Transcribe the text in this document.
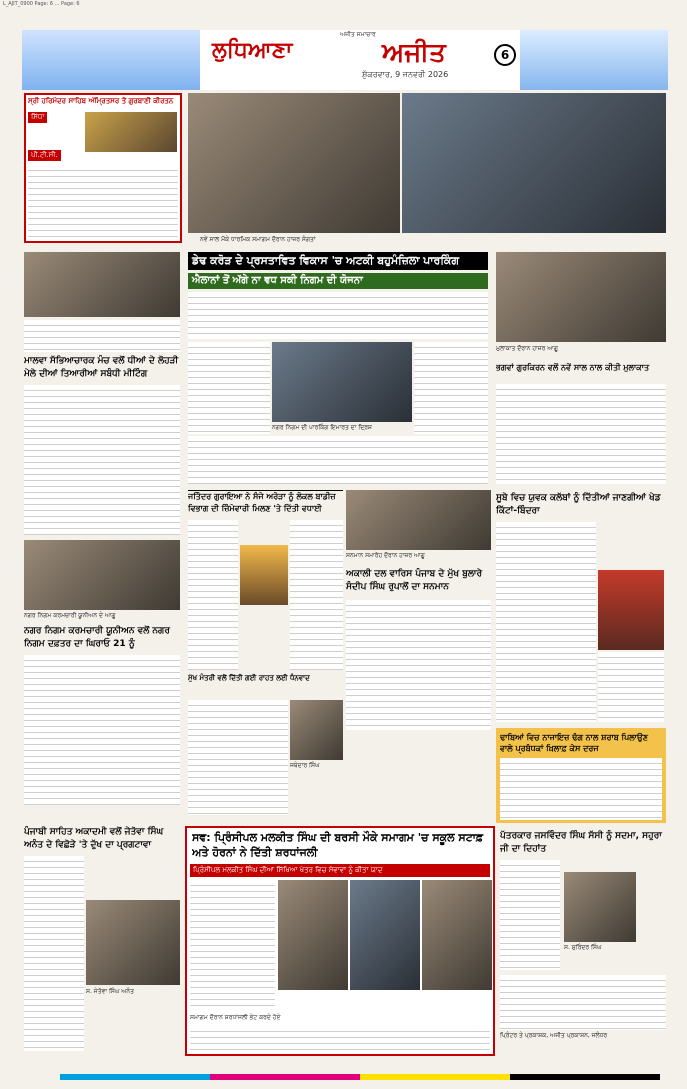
L_AJIT_0900 Page: 6 ... Page: 6
ਅਜੀਤ ਸਮਾਚਾਰ
ਲੁਧਿਆਣਾ	ਅਜੀਤ
ਸ਼ੁੱਕਰਵਾਰ, 9 ਜਨਵਰੀ 2026
6
ਸ੍ਰੀ ਹਰਿਮੰਦਰ ਸਾਹਿਬ ਅੰਮ੍ਰਿਤਸਰ ਤੋਂ ਗੁਰਬਾਣੀ ਕੀਰਤਨ
ਸਿੱਧਾ
ਪੀ.ਟੀ.ਸੀ.
ਨਵੇਂ ਸਾਲ ਮੌਕੇ ਧਾਰਮਿਕ ਸਮਾਗਮ ਦੌਰਾਨ ਹਾਜ਼ਰ ਸੰਗਤਾਂ
ਮਾਲਵਾ ਸੱਭਿਆਚਾਰਕ ਮੰਚ ਵਲੋਂ ਧੀਆਂ ਦੇ ਲੋਹੜੀ ਮੇਲੇ ਦੀਆਂ ਤਿਆਰੀਆਂ ਸਬੰਧੀ ਮੀਟਿੰਗ
ਡੇਢ ਕਰੋੜ ਦੇ ਪ੍ਰਸਤਾਵਿਤ ਵਿਕਾਸ 'ਚ ਅਟਕੀ ਬਹੁਮੰਜ਼ਿਲਾ ਪਾਰਕਿੰਗ
ਐਲਾਨਾਂ ਤੋਂ ਅੱਗੇ ਨਾ ਵਧ ਸਕੀ ਨਿਗਮ ਦੀ ਯੋਜਨਾ
ਨਗਰ ਨਿਗਮ ਦੀ ਪਾਰਕਿੰਗ ਇਮਾਰਤ ਦਾ ਦ੍ਰਿਸ਼
ਮੁਲਾਕਾਤ ਦੌਰਾਨ ਹਾਜ਼ਰ ਆਗੂ
ਭਗਵਾਂ ਗੁਰਕਿਰਨ ਵਲੋਂ ਨਵੇਂ ਸਾਲ ਨਾਲ ਕੀਤੀ ਮੁਲਾਕਾਤ
ਜਤਿੰਦਰ ਗੁਰਾਇਆ ਨੇ ਸੰਜੇ ਅਰੋੜਾ ਨੂੰ ਲੋਕਲ ਬਾਡੀਜ਼ ਵਿਭਾਗ ਦੀ ਜ਼ਿੰਮੇਵਾਰੀ ਮਿਲਣ 'ਤੇ ਦਿੱਤੀ ਵਧਾਈ
ਸਨਮਾਨ ਸਮਾਰੋਹ ਦੌਰਾਨ ਹਾਜ਼ਰ ਆਗੂ
ਅਕਾਲੀ ਦਲ ਵਾਰਿਸ ਪੰਜਾਬ ਦੇ ਮੁੱਖ ਬੁਲਾਰੇ ਸੰਦੀਪ ਸਿੰਘ ਰੁਪਾਲੋਂ ਦਾ ਸਨਮਾਨ
ਸੂਬੇ ਵਿਚ ਯੁਵਕ ਕਲੱਬਾਂ ਨੂੰ ਦਿੱਤੀਆਂ ਜਾਣਗੀਆਂ ਖੇਡ ਕਿੱਟਾਂ-ਬਿੰਦਰਾ
ਨਗਰ ਨਿਗਮ ਕਰਮਚਾਰੀ ਯੂਨੀਅਨ ਦੇ ਆਗੂ
ਨਗਰ ਨਿਗਮ ਕਰਮਚਾਰੀ ਯੂਨੀਅਨ ਵਲੋਂ ਨਗਰ ਨਿਗਮ ਦਫ਼ਤਰ ਦਾ ਘਿਰਾਓ 21 ਨੂੰ
ਮੁੱਖ ਮੰਤਰੀ ਵਲੋਂ ਦਿੱਤੀ ਗਈ ਰਾਹਤ ਲਈ ਧੰਨਵਾਦ
ਜਥੇਦਾਰ ਸਿੰਘ
ਢਾਬਿਆਂ ਵਿਚ ਨਾਜਾਇਜ਼ ਢੰਗ ਨਾਲ ਸ਼ਰਾਬ ਪਿਲਾਉਣ ਵਾਲੇ ਪ੍ਰਬੰਧਕਾਂ ਖ਼ਿਲਾਫ਼ ਕੇਸ ਦਰਜ
ਸਵ: ਪ੍ਰਿੰਸੀਪਲ ਮਲਕੀਤ ਸਿੰਘ ਦੀ ਬਰਸੀ ਮੌਕੇ ਸਮਾਗਮ 'ਚ ਸਕੂਲ ਸਟਾਫ਼ ਅਤੇ ਹੋਰਨਾਂ ਨੇ ਦਿੱਤੀ ਸ਼ਰਧਾਂਜਲੀ
ਪ੍ਰਿੰਸੀਪਲ ਮਲਕੀਤ ਸਿੰਘ ਦੀਆਂ ਸਿੱਖਿਆ ਖੇਤਰ ਵਿਚ ਸੇਵਾਵਾਂ ਨੂੰ ਕੀਤਾ ਯਾਦ
ਸਮਾਗਮ ਦੌਰਾਨ ਸ਼ਰਧਾਂਜਲੀ ਭੇਟ ਕਰਦੇ ਹੋਏ
ਪੰਜਾਬੀ ਸਾਹਿਤ ਅਕਾਦਮੀ ਵਲੋਂ ਜੇਤੋਵਾ ਸਿੰਘ ਅਨੰਤ ਦੇ ਵਿਛੋੜੇ 'ਤੇ ਦੁੱਖ ਦਾ ਪ੍ਰਗਟਾਵਾ
ਸ. ਜੇਤੋਵਾ ਸਿੰਘ ਅਨੰਤ
ਪੱਤਰਕਾਰ ਜਸਵਿੰਦਰ ਸਿੰਘ ਸੱਸੀ ਨੂੰ ਸਦਮਾ, ਸਹੁਰਾ ਜੀ ਦਾ ਦਿਹਾਂਤ
ਸ. ਸੁਰਿੰਦਰ ਸਿੰਘ
ਪ੍ਰਿੰਟਰ ਤੇ ਪ੍ਰਕਾਸ਼ਕ, ਅਜੀਤ ਪ੍ਰਕਾਸ਼ਨ, ਜਲੰਧਰ
